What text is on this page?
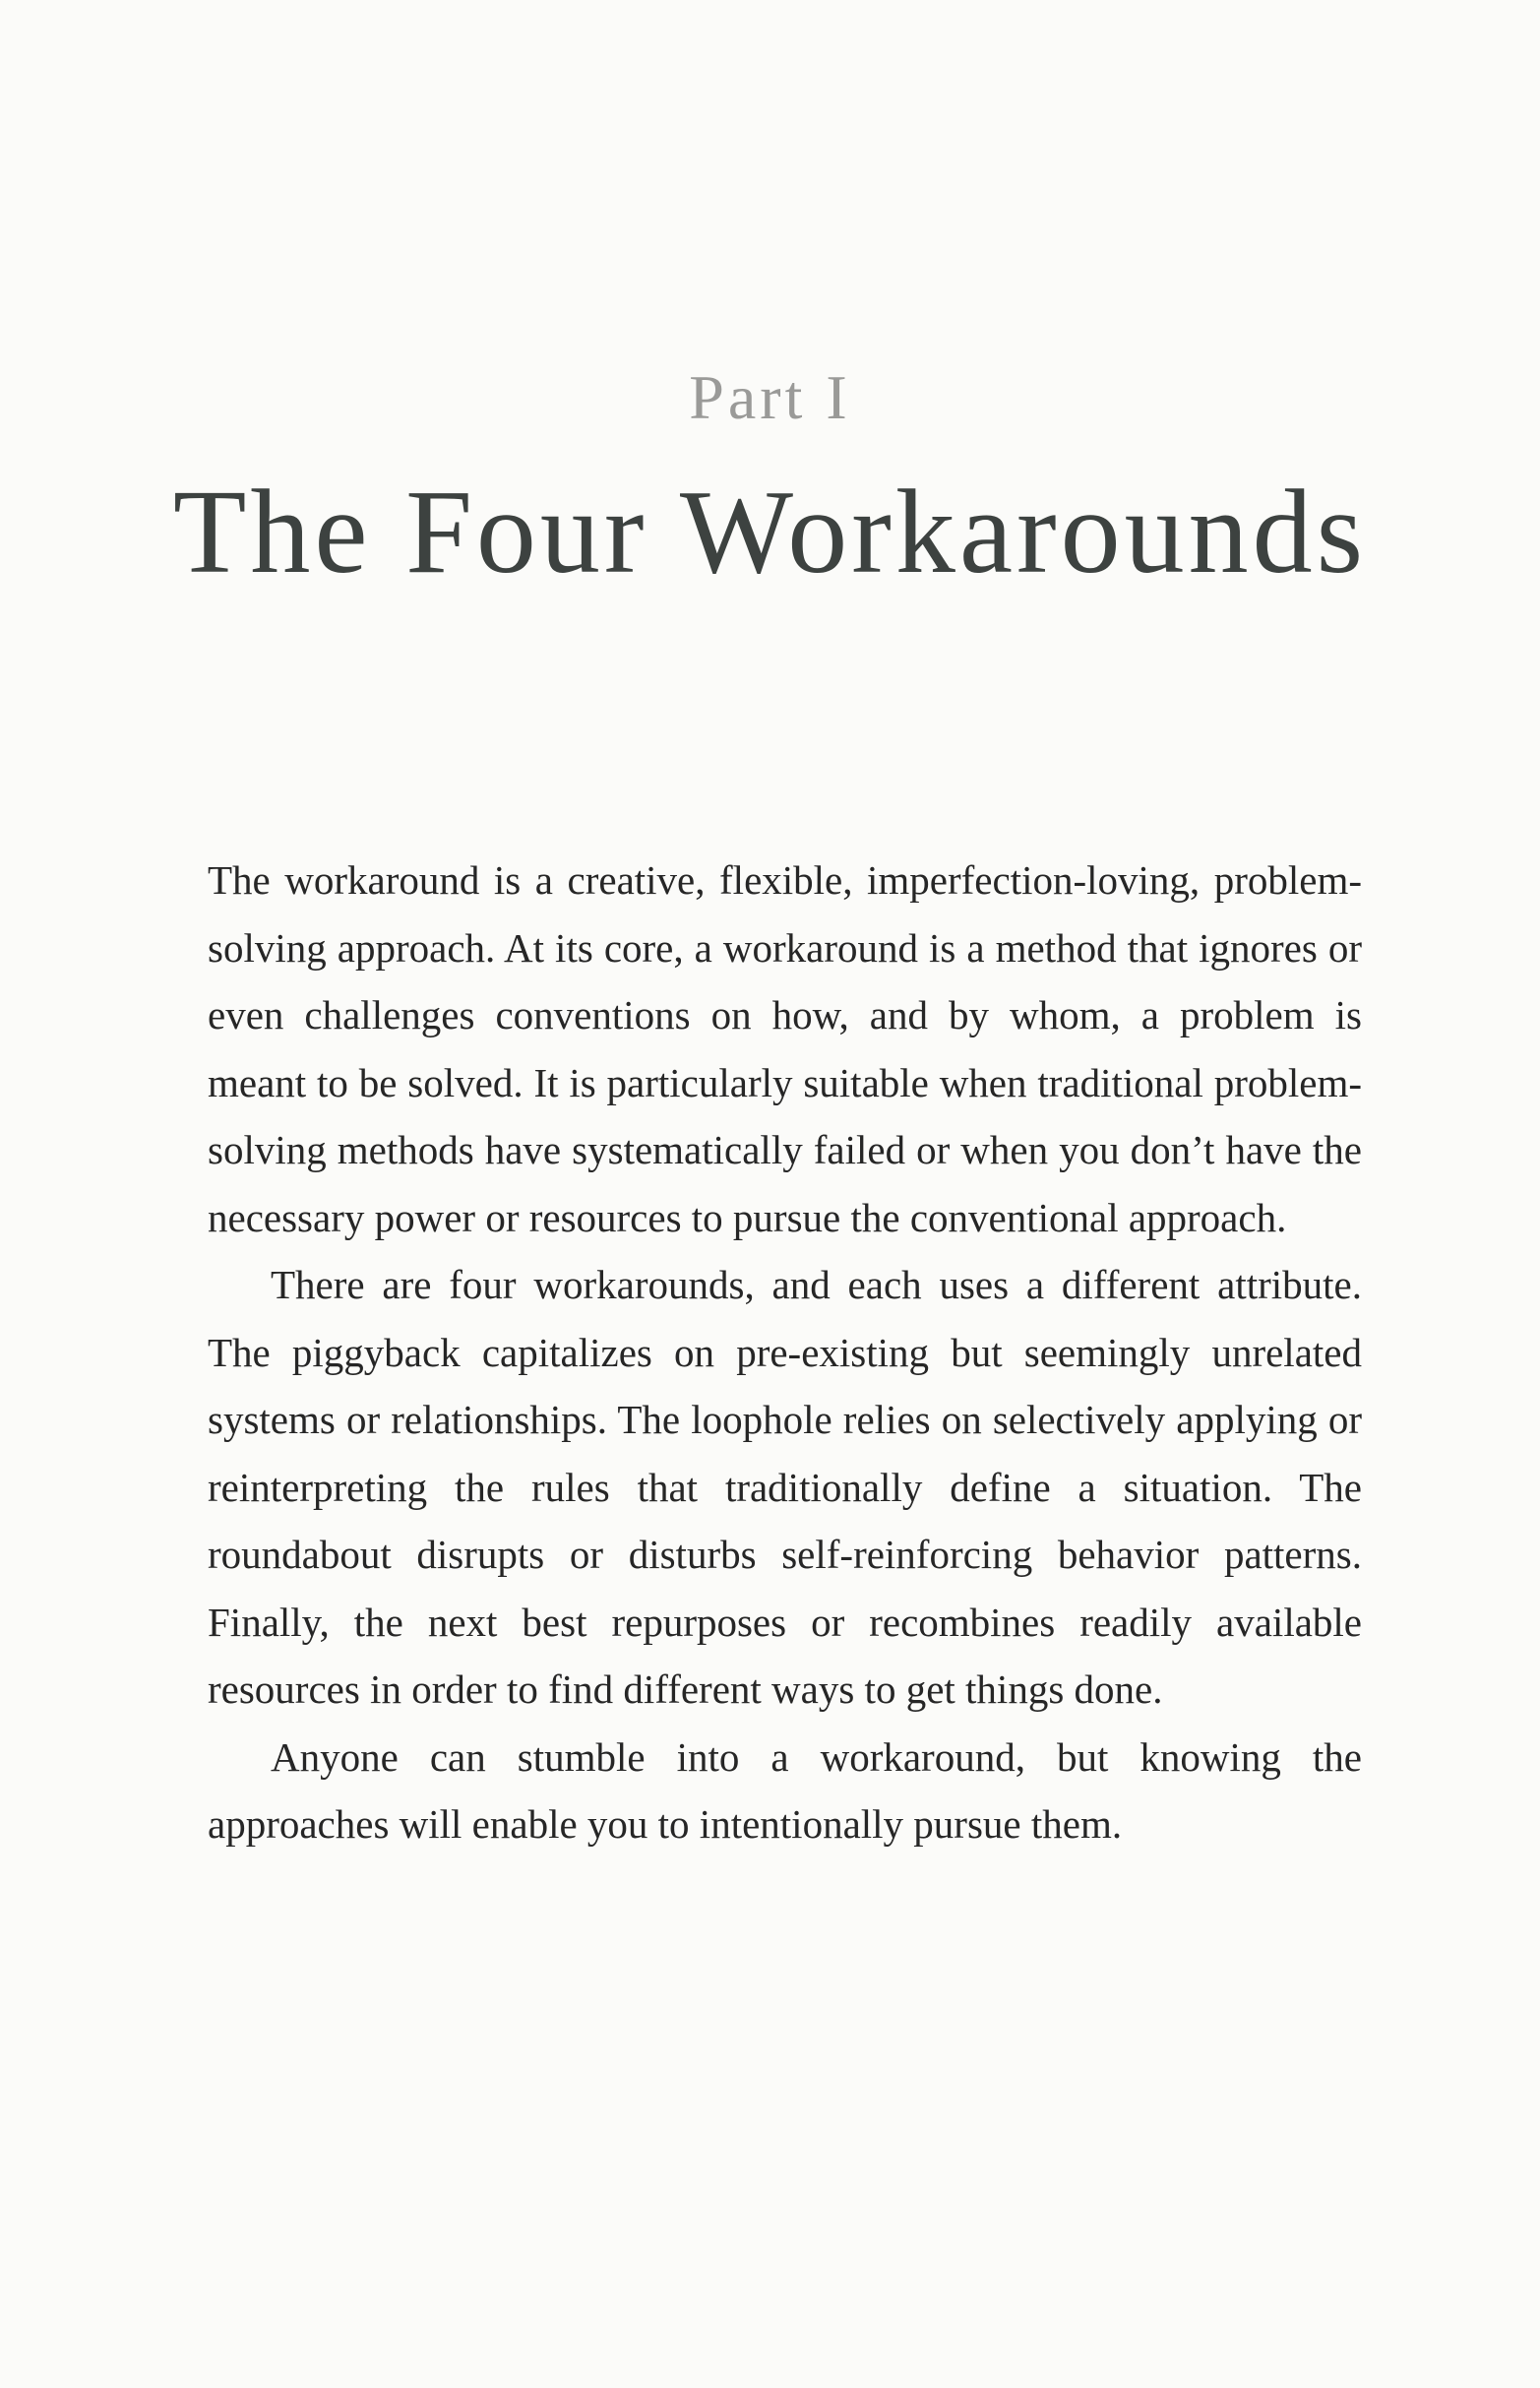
Part I
The Four Workarounds

The workaround is a creative, flexible, imperfection-loving, problem-solving approach. At its core, a workaround is a method that ignores or even challenges conventions on how, and by whom, a problem is meant to be solved. It is particularly suitable when traditional problem-solving methods have systematically failed or when you don’t have the necessary power or resources to pursue the conventional approach.

There are four workarounds, and each uses a different attribute. The piggyback capitalizes on pre-existing but seemingly unrelated systems or relationships. The loophole relies on selectively applying or reinterpreting the rules that traditionally define a situation. The roundabout disrupts or disturbs self-reinforcing behavior patterns. Finally, the next best repurposes or recombines readily available resources in order to find different ways to get things done.

Anyone can stumble into a workaround, but knowing the approaches will enable you to intentionally pursue them.
